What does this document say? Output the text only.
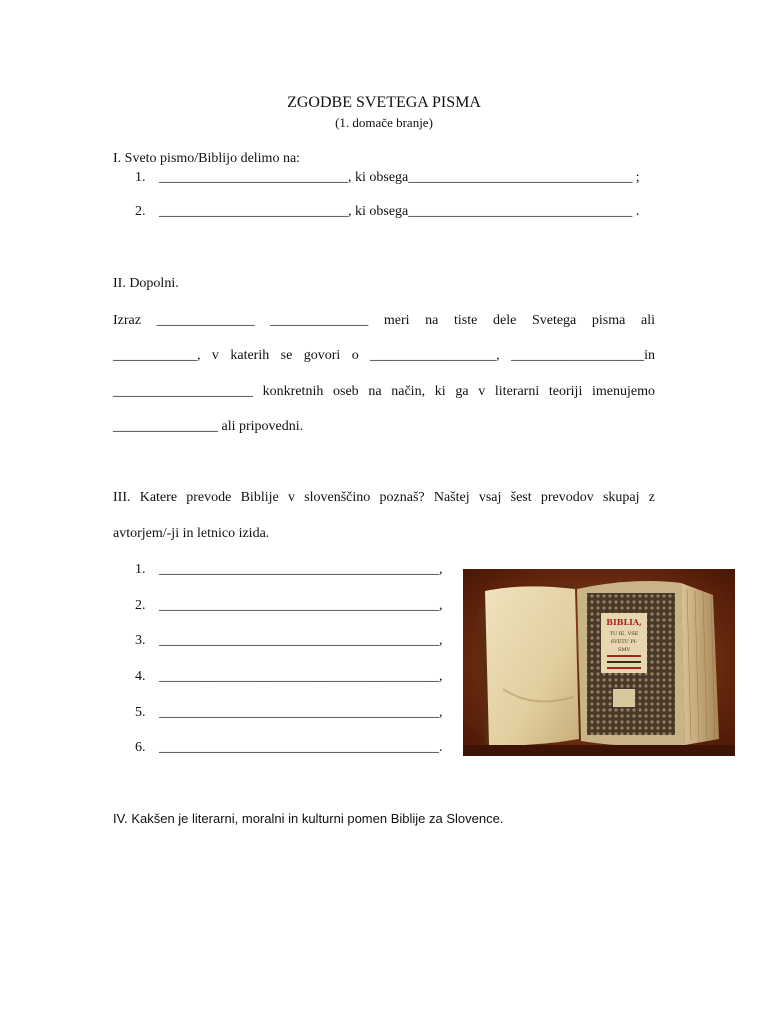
ZGODBE SVETEGA PISMA
(1. domače branje)
I. Sveto pismo/Biblijo delimo na:
1. ___________________________, ki obsega________________________________ ;
2. ___________________________, ki obsega________________________________ .
II. Dopolni.
Izraz ______________ ______________ meri na tiste dele Svetega pisma ali
____________, v katerih se govori o __________________, ___________________in
____________________ konkretnih oseb na način, ki ga v literarni teoriji imenujemo
_______________ ali pripovedni.
III. Katere prevode Biblije v slovenščino poznaš? Naštej vsaj šest prevodov skupaj z
avtorjem/-ji in letnico izida.
1. ________________________________________,
2. ________________________________________,
3. ________________________________________,
4. ________________________________________,
5. ________________________________________,
6. ________________________________________.
BIBLIA,
TU IE, VSE
SVETU PI-
SMV
IV. Kakšen je literarni, moralni in kulturni pomen Biblije za Slovence.
